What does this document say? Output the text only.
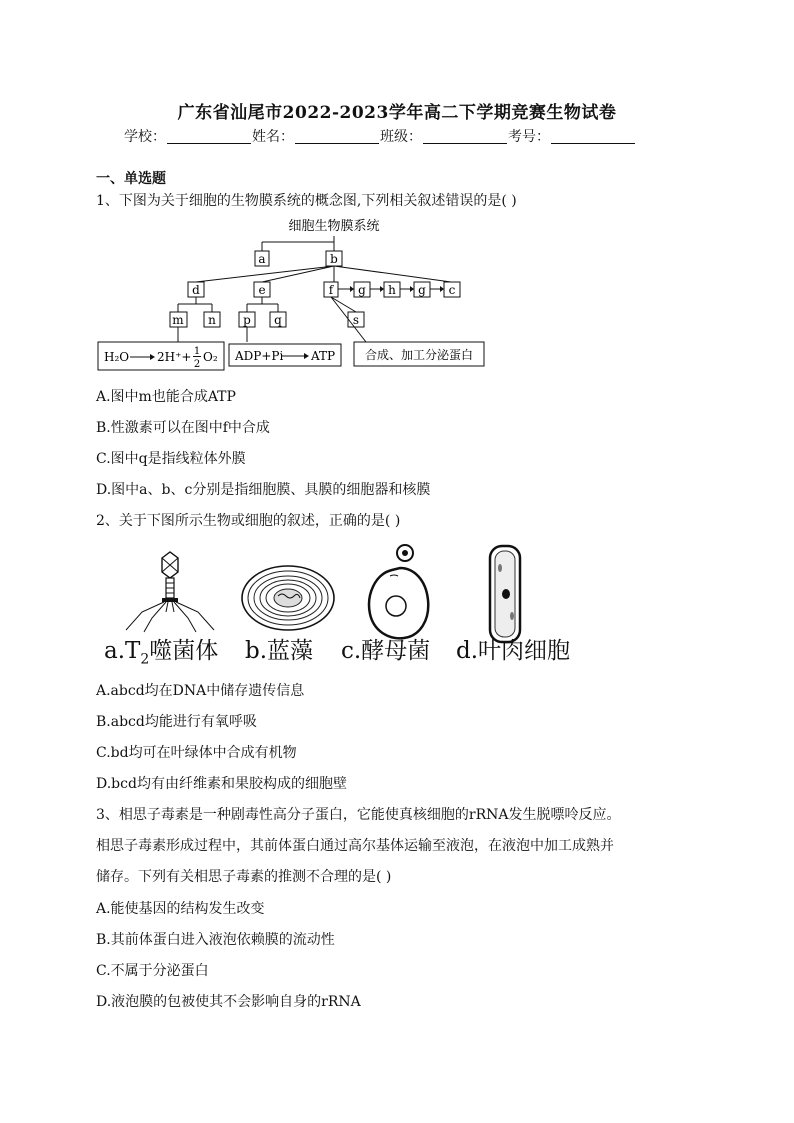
广东省汕尾市2022-2023学年高二下学期竞赛生物试卷
学校：	姓名：	班级：	考号：
一、单选题
1、下图为关于细胞的生物膜系统的概念图,下列相关叙述错误的是( )
细胞生物膜系统
a	b
d	e	f g h g c
m n p q	s
H₂O 2H⁺+ 1
2
O₂ ADP+Pi ATP 合成、加工分泌蛋白
A.图中m也能合成ATP
B.性激素可以在图中f中合成
C.图中q是指线粒体外膜
D.图中a、b、c分别是指细胞膜、具膜的细胞器和核膜
2、关于下图所示生物或细胞的叙述，正确的是( )
$a.T_2$噬菌体 b.蓝藻 c.酵母菌 d.叶肉细胞
A.abcd均在DNA中储存遗传信息
B.abcd均能进行有氧呼吸
C.bd均可在叶绿体中合成有机物
D.bcd均有由纤维素和果胶构成的细胞壁
3、相思子毒素是一种剧毒性高分子蛋白，它能使真核细胞的rRNA发生脱嘌呤反应。
相思子毒素形成过程中，其前体蛋白通过高尔基体运输至液泡，在液泡中加工成熟并
储存。下列有关相思子毒素的推测不合理的是( )
A.能使基因的结构发生改变
B.其前体蛋白进入液泡依赖膜的流动性
C.不属于分泌蛋白
D.液泡膜的包被使其不会影响自身的rRNA
